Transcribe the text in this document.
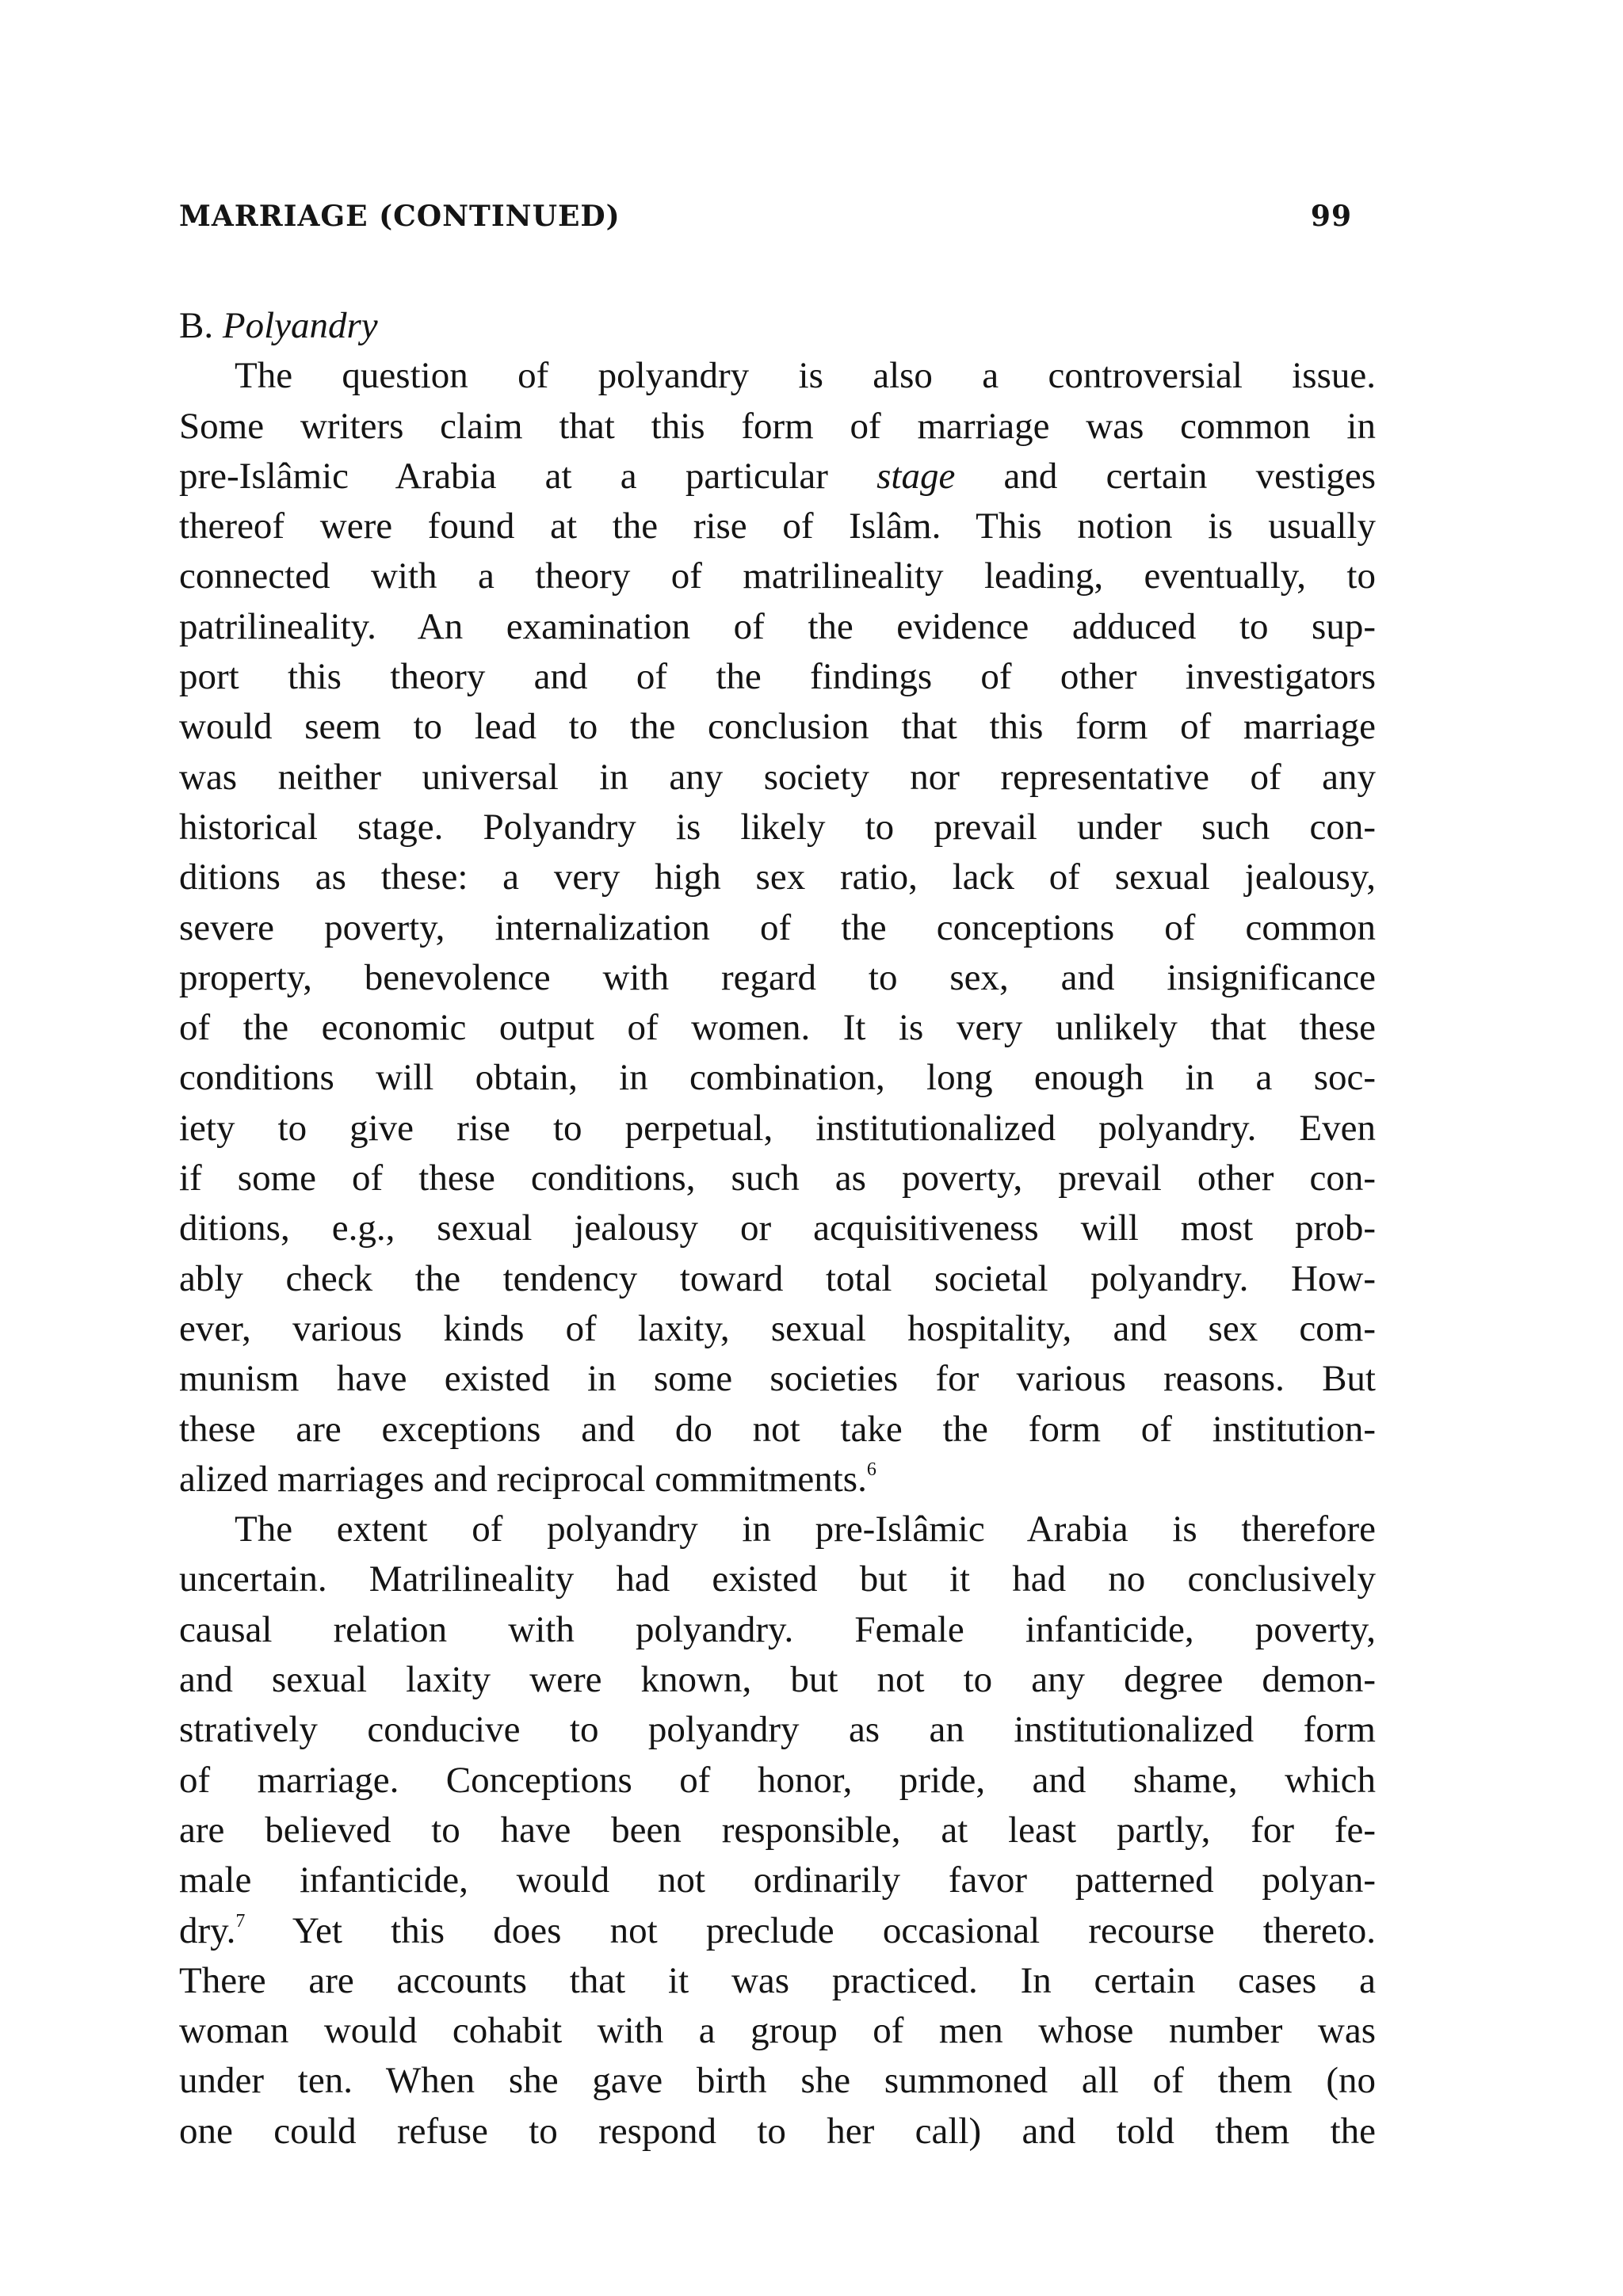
MARRIAGE (CONTINUED)	99
B. Polyandry
The question of polyandry is also a controversial issue.
Some writers claim that this form of marriage was common in
pre-Islâmic Arabia at a particular stage and certain vestiges
thereof were found at the rise of Islâm. This notion is usually
connected with a theory of matrilineality leading, eventually, to
patrilineality. An examination of the evidence adduced to sup-
port this theory and of the findings of other investigators
would seem to lead to the conclusion that this form of marriage
was neither universal in any society nor representative of any
historical stage. Polyandry is likely to prevail under such con-
ditions as these: a very high sex ratio, lack of sexual jealousy,
severe poverty, internalization of the conceptions of common
property, benevolence with regard to sex, and insignificance
of the economic output of women. It is very unlikely that these
conditions will obtain, in combination, long enough in a soc-
iety to give rise to perpetual, institutionalized polyandry. Even
if some of these conditions, such as poverty, prevail other con-
ditions, e.g., sexual jealousy or acquisitiveness will most prob-
ably check the tendency toward total societal polyandry. How-
ever, various kinds of laxity, sexual hospitality, and sex com-
munism have existed in some societies for various reasons. But
these are exceptions and do not take the form of institution-
alized marriages and reciprocal commitments.$^6$
The extent of polyandry in pre-Islâmic Arabia is therefore
uncertain. Matrilineality had existed but it had no conclusively
causal relation with polyandry. Female infanticide, poverty,
and sexual laxity were known, but not to any degree demon-
stratively conducive to polyandry as an institutionalized form
of marriage. Conceptions of honor, pride, and shame, which
are believed to have been responsible, at least partly, for fe-
male infanticide, would not ordinarily favor patterned polyan-
dry.$^7$ Yet this does not preclude occasional recourse thereto.
There are accounts that it was practiced. In certain cases a
woman would cohabit with a group of men whose number was
under ten. When she gave birth she summoned all of them (no
one could refuse to respond to her call) and told them the
